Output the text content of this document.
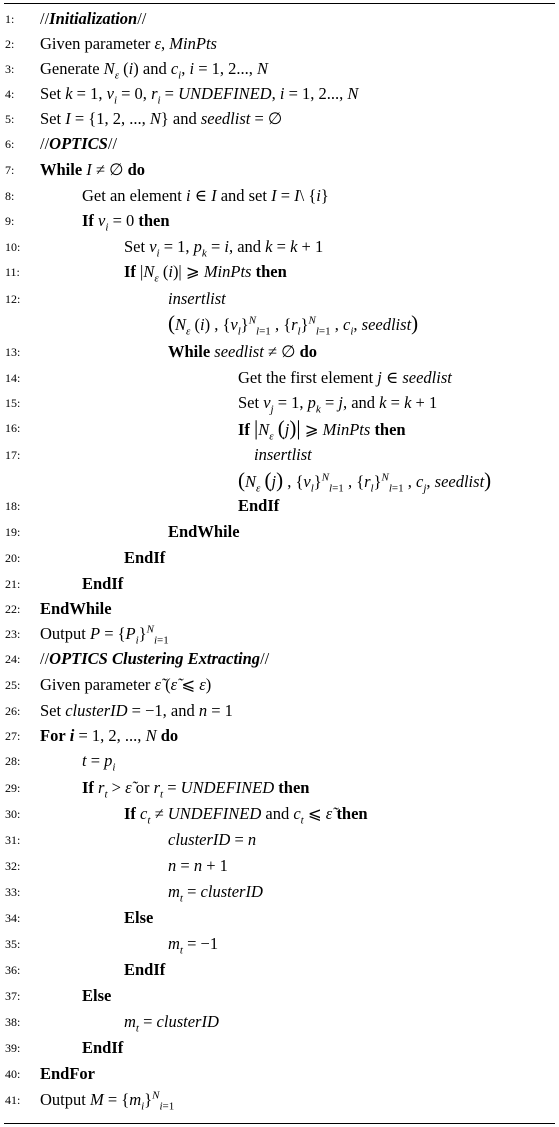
1:	//Initialization//
2:	Given parameter ε, MinPts
3:	Generate $N_\varepsilon$ (i) and $c_i$, i = 1, 2..., N
4:	Set k = 1, $v_i = 0$, $r_i$ = UNDEFINED, i = 1, 2..., N
5:	Set I = {1, 2, ..., N} and seedlist = ∅
6:	//OPTICS//
7:	While I ≠ ∅ do
8:	Get an element i ∈ I and set I = I\ {i}
9:	If $v_i = 0$ then
10:	Set $v_i = 1$, $p_k = i$, and k = k + 1
11:	If $|N_\varepsilon$ (i)| ⩾ MinPts then
12:	insertlist
($N_\varepsilon$ (i) , $\{v_l\}^N_{l=1}$ , $\{r_l\}^N_{l=1}$ , $c_i$, seedlist)
13:	While seedlist ≠ ∅ do
14:	Get the first element j ∈ seedlist
15:	Set $v_j = 1$, $p_k = j$, and k = k + 1
16:	If $|N_\varepsilon$ (j)| ⩾ MinPts then
17:	insertlist
($N_\varepsilon$ (j) , $\{v_l\}^N_{l=1}$ , $\{r_l\}^N_{l=1}$ , $c_j$, seedlist)
18:	EndIf
19:	EndWhile
20:	EndIf
21:	EndIf
22:	EndWhile
23:	Output $P = \{P_i\}^N_{i=1}$
24:	//OPTICS Clustering Extracting//
25:	Given parameter ε̃ (ε̃ ⩽ ε)
26:	Set clusterID = −1, and n = 1
27:	For i = 1, 2, ..., N do
28:	$t = p_i$
29:	If $r_t$ > ε̃ or $r_t$ = UNDEFINED then
30:	If $c_t$ ≠ UNDEFINED and $c_t$ ⩽ ε̃ then
31:	clusterID = n
32:	n = n + 1
33:	$m_t$ = clusterID
34:	Else
35:	$m_t = -1$
36:	EndIf
37:	Else
38:	$m_t$ = clusterID
39:	EndIf
40:	EndFor
41:	Output $M = \{m_i\}^N_{i=1}$
